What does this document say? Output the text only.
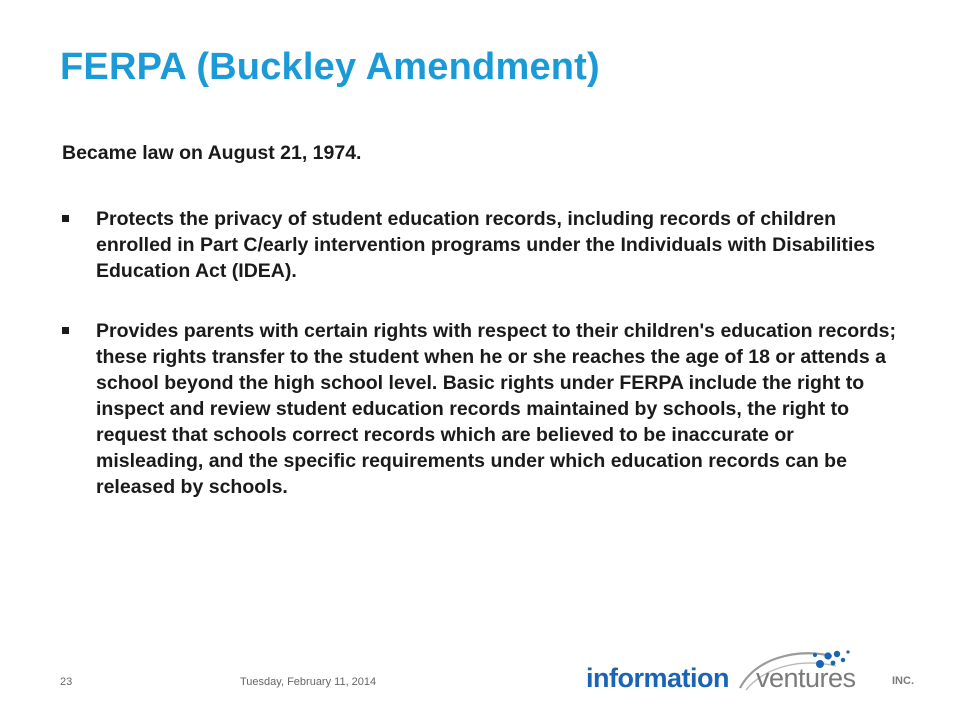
FERPA (Buckley Amendment)

Became law on August 21, 1974.

Protects the privacy of student education records, including records of children enrolled in Part C/early intervention programs under the Individuals with Disabilities Education Act (IDEA).
Provides parents with certain rights with respect to their children's education records; these rights transfer to the student when he or she reaches the age of 18 or attends a school beyond the high school level. Basic rights under FERPA include the right to inspect and review student education records maintained by schools, the right to request that schools correct records which are believed to be inaccurate or misleading, and the specific requirements under which education records can be released by schools.
23	Tuesday, February 11, 2014	information ventures	INC.
